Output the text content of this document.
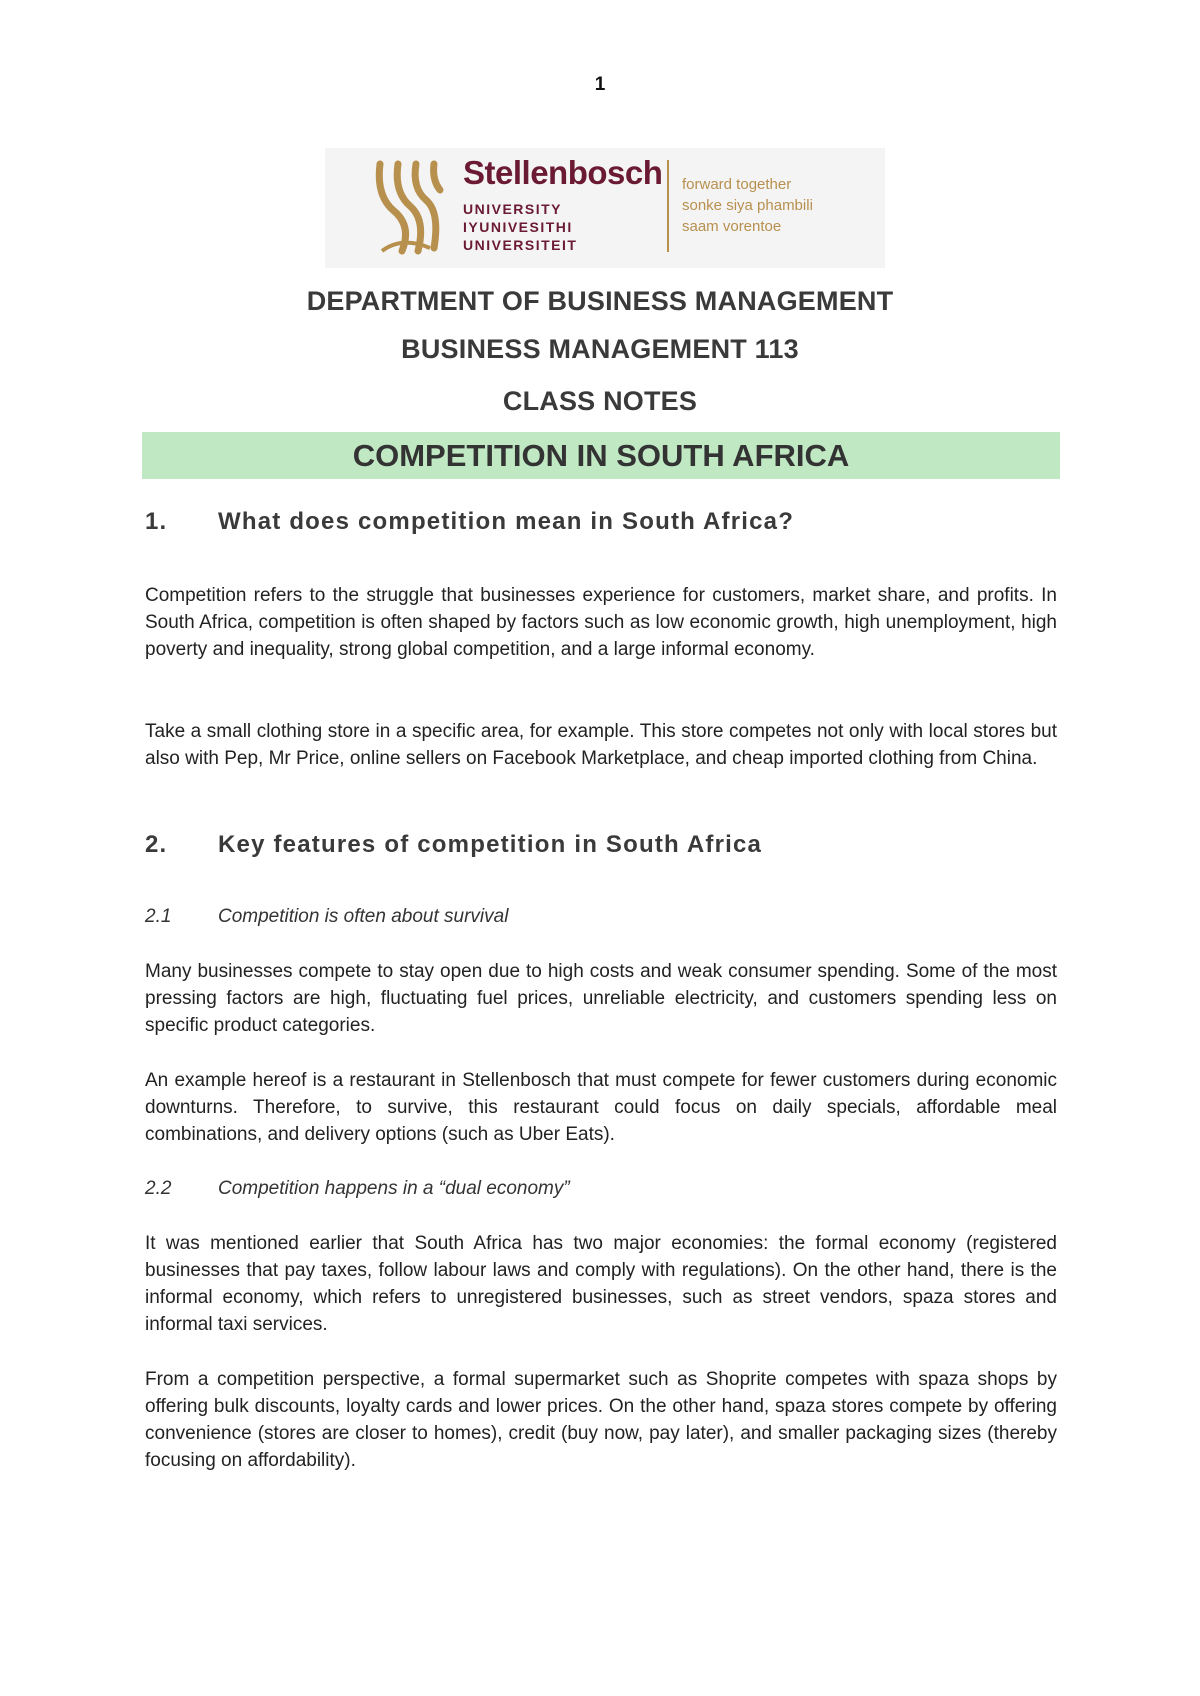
1
Stellenbosch
UNIVERSITY
IYUNIVESITHI
UNIVERSITEIT
forward together
sonke siya phambili
saam vorentoe
DEPARTMENT OF BUSINESS MANAGEMENT
BUSINESS MANAGEMENT 113
CLASS NOTES
COMPETITION IN SOUTH AFRICA
1. What does competition mean in South Africa?

Competition refers to the struggle that businesses experience for customers, market share, and profits. In South Africa, competition is often shaped by factors such as low economic growth, high unemployment, high poverty and inequality, strong global competition, and a large informal economy.

Take a small clothing store in a specific area, for example. This store competes not only with local stores but also with Pep, Mr Price, online sellers on Facebook Marketplace, and cheap imported clothing from China.

2. Key features of competition in South Africa
2.1 Competition is often about survival

Many businesses compete to stay open due to high costs and weak consumer spending. Some of the most pressing factors are high, fluctuating fuel prices, unreliable electricity, and customers spending less on specific product categories.

An example hereof is a restaurant in Stellenbosch that must compete for fewer customers during economic downturns. Therefore, to survive, this restaurant could focus on daily specials, affordable meal combinations, and delivery options (such as Uber Eats).

2.2 Competition happens in a “dual economy”

It was mentioned earlier that South Africa has two major economies: the formal economy (registered businesses that pay taxes, follow labour laws and comply with regulations). On the other hand, there is the informal economy, which refers to unregistered businesses, such as street vendors, spaza stores and informal taxi services.

From a competition perspective, a formal supermarket such as Shoprite competes with spaza shops by offering bulk discounts, loyalty cards and lower prices. On the other hand, spaza stores compete by offering convenience (stores are closer to homes), credit (buy now, pay later), and smaller packaging sizes (thereby focusing on affordability).
